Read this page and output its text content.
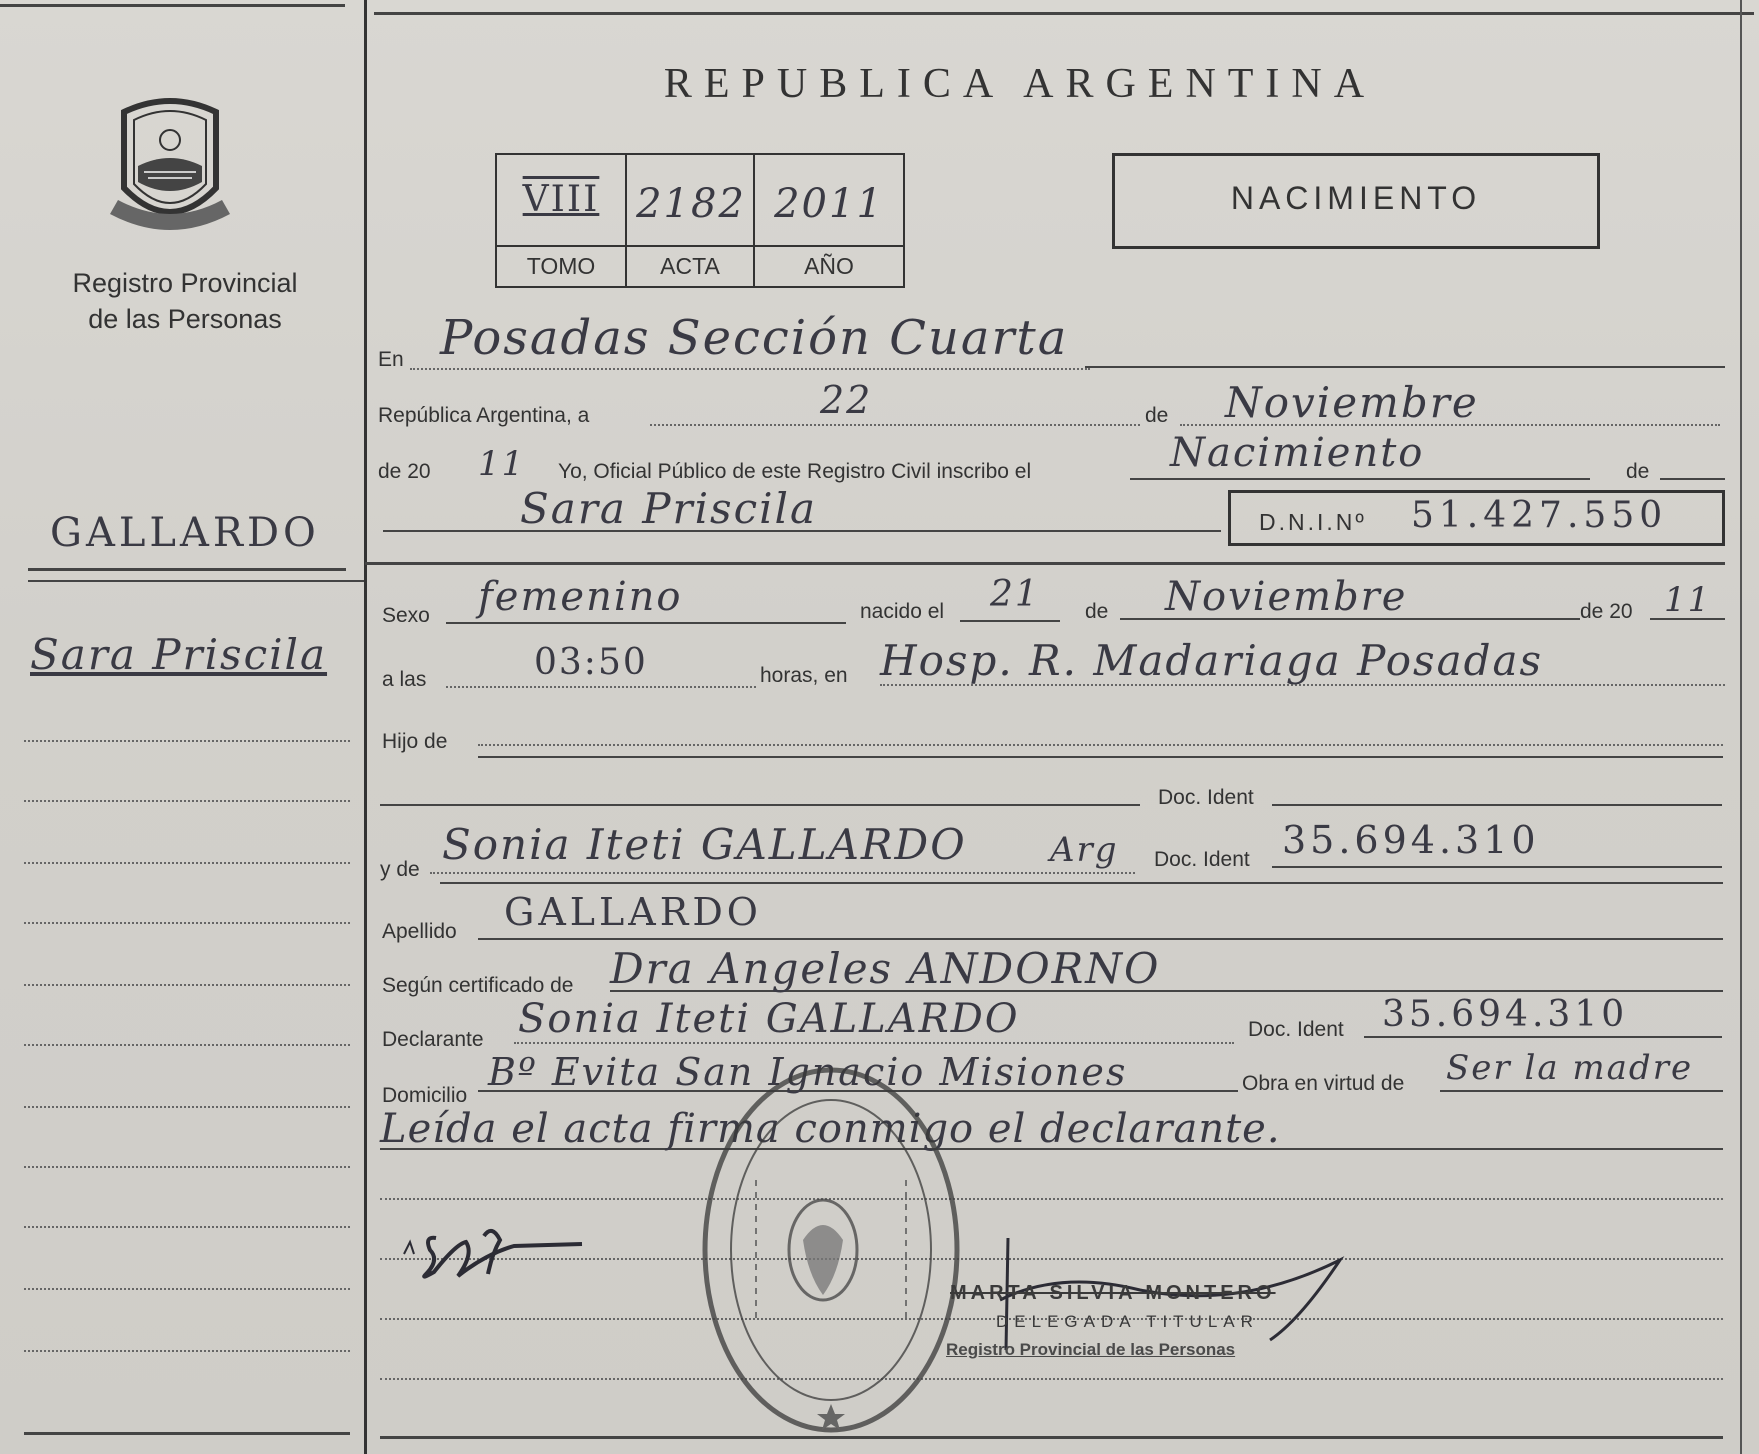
Registro Provincial
de las Personas
GALLARDO
Sara Priscila
REPUBLICA ARGENTINA
VIII 2182 2011
TOMO	ACTA	AÑO
NACIMIENTO
En Posadas Sección Cuarta
República Argentina, a	22	de Noviembre
de 20 11 Yo, Oficial Público de este Registro Civil inscribo el	Nacimiento	de
Sara Priscila	D.N.I.Nº 51.427.550
Sexo femenino	nacido el 21 de Noviembre	de 20 11
a las	03:50	horas, en Hosp. R. Madariaga Posadas
Hijo de
Doc. Ident
y de
Sonia Iteti GALLARDO Arg Doc. Ident 35.694.310
Apellido GALLARDO
Según certificado de Dra Angeles ANDORNO
Declarante Sonia Iteti GALLARDO	Doc. Ident 35.694.310
Domicilio
Bº Evita San Ignacio Misiones	Obra en virtud de Ser la madre
Leída el acta firma conmigo el declarante.
MARTA SILVIA MONTERO
DELEGADA TITULAR
Registro Provincial de las Personas
